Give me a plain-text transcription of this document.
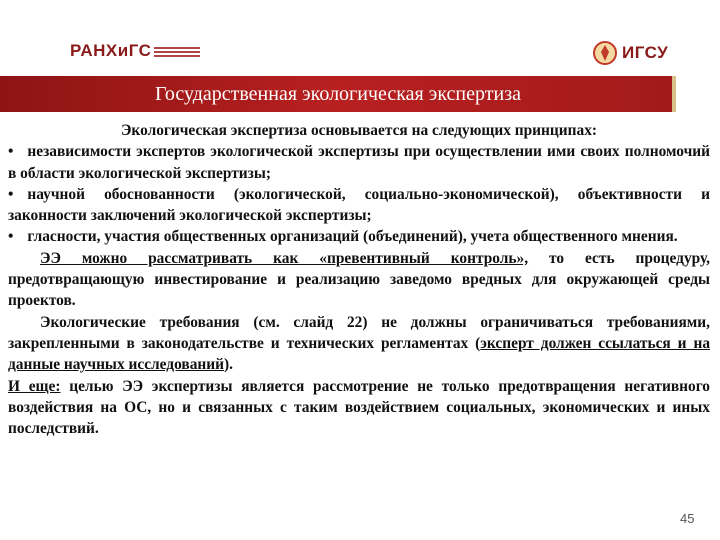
РАНХиГС	ИГСУ
Государственная экологическая экспертиза

Экологическая экспертиза основывается на следующих принципах:

• независимости экспертов экологической экспертизы при осуществлении ими своих полномочий в области экологической экспертизы;

• научной обоснованности (экологической, социально-экономической), объективности и законности заключений экологической экспертизы;

• гласности, участия общественных организаций (объединений), учета общественного мнения.

ЭЭ можно рассматривать как «превентивный контроль», то есть процедуру, предотвращающую инвестирование и реализацию заведомо вредных для окружающей среды проектов.

Экологические требования (см. слайд 22) не должны ограничиваться требованиями, закрепленными в законодательстве и технических регламентах (эксперт должен ссылаться и на данные научных исследований).

И еще: целью ЭЭ экспертизы является рассмотрение не только предотвращения негативного воздействия на ОС, но и связанных с таким воздействием социальных, экономических и иных последствий.

45
